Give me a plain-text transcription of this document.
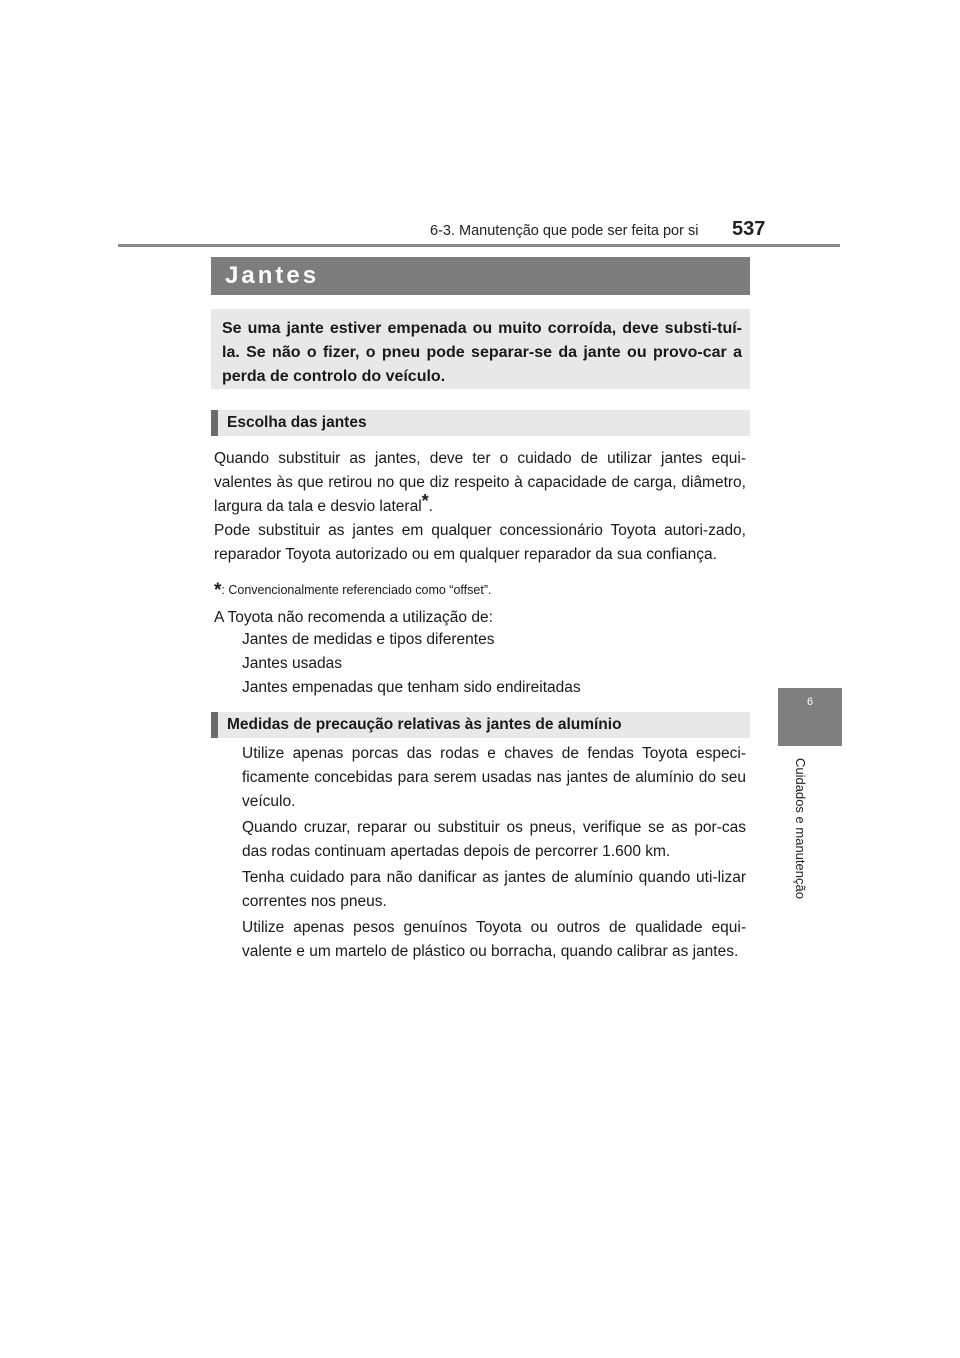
6-3. Manutenção que pode ser feita por si 537
6
Cuidados e manutenção
Jantes

Se uma jante estiver empenada ou muito corroída, deve substi-tuí-la. Se não o fizer, o pneu pode separar-se da jante ou provo-car a perda de controlo do veículo.

Escolha das jantes

Quando substituir as jantes, deve ter o cuidado de utilizar jantes equi-valentes às que retirou no que diz respeito à capacidade de carga, diâmetro, largura da tala e desvio lateral*.

Pode substituir as jantes em qualquer concessionário Toyota autori-zado, reparador Toyota autorizado ou em qualquer reparador da sua confiança.

*: Convencionalmente referenciado como “offset”.
A Toyota não recomenda a utilização de:
Jantes de medidas e tipos diferentes
Jantes usadas
Jantes empenadas que tenham sido endireitadas
Medidas de precaução relativas às jantes de alumínio
Utilize apenas porcas das rodas e chaves de fendas Toyota especi-ficamente concebidas para serem usadas nas jantes de alumínio do seu veículo.
Quando cruzar, reparar ou substituir os pneus, verifique se as por-cas das rodas continuam apertadas depois de percorrer 1.600 km.
Tenha cuidado para não danificar as jantes de alumínio quando uti-lizar correntes nos pneus.
Utilize apenas pesos genuínos Toyota ou outros de qualidade equi-valente e um martelo de plástico ou borracha, quando calibrar as jantes.
